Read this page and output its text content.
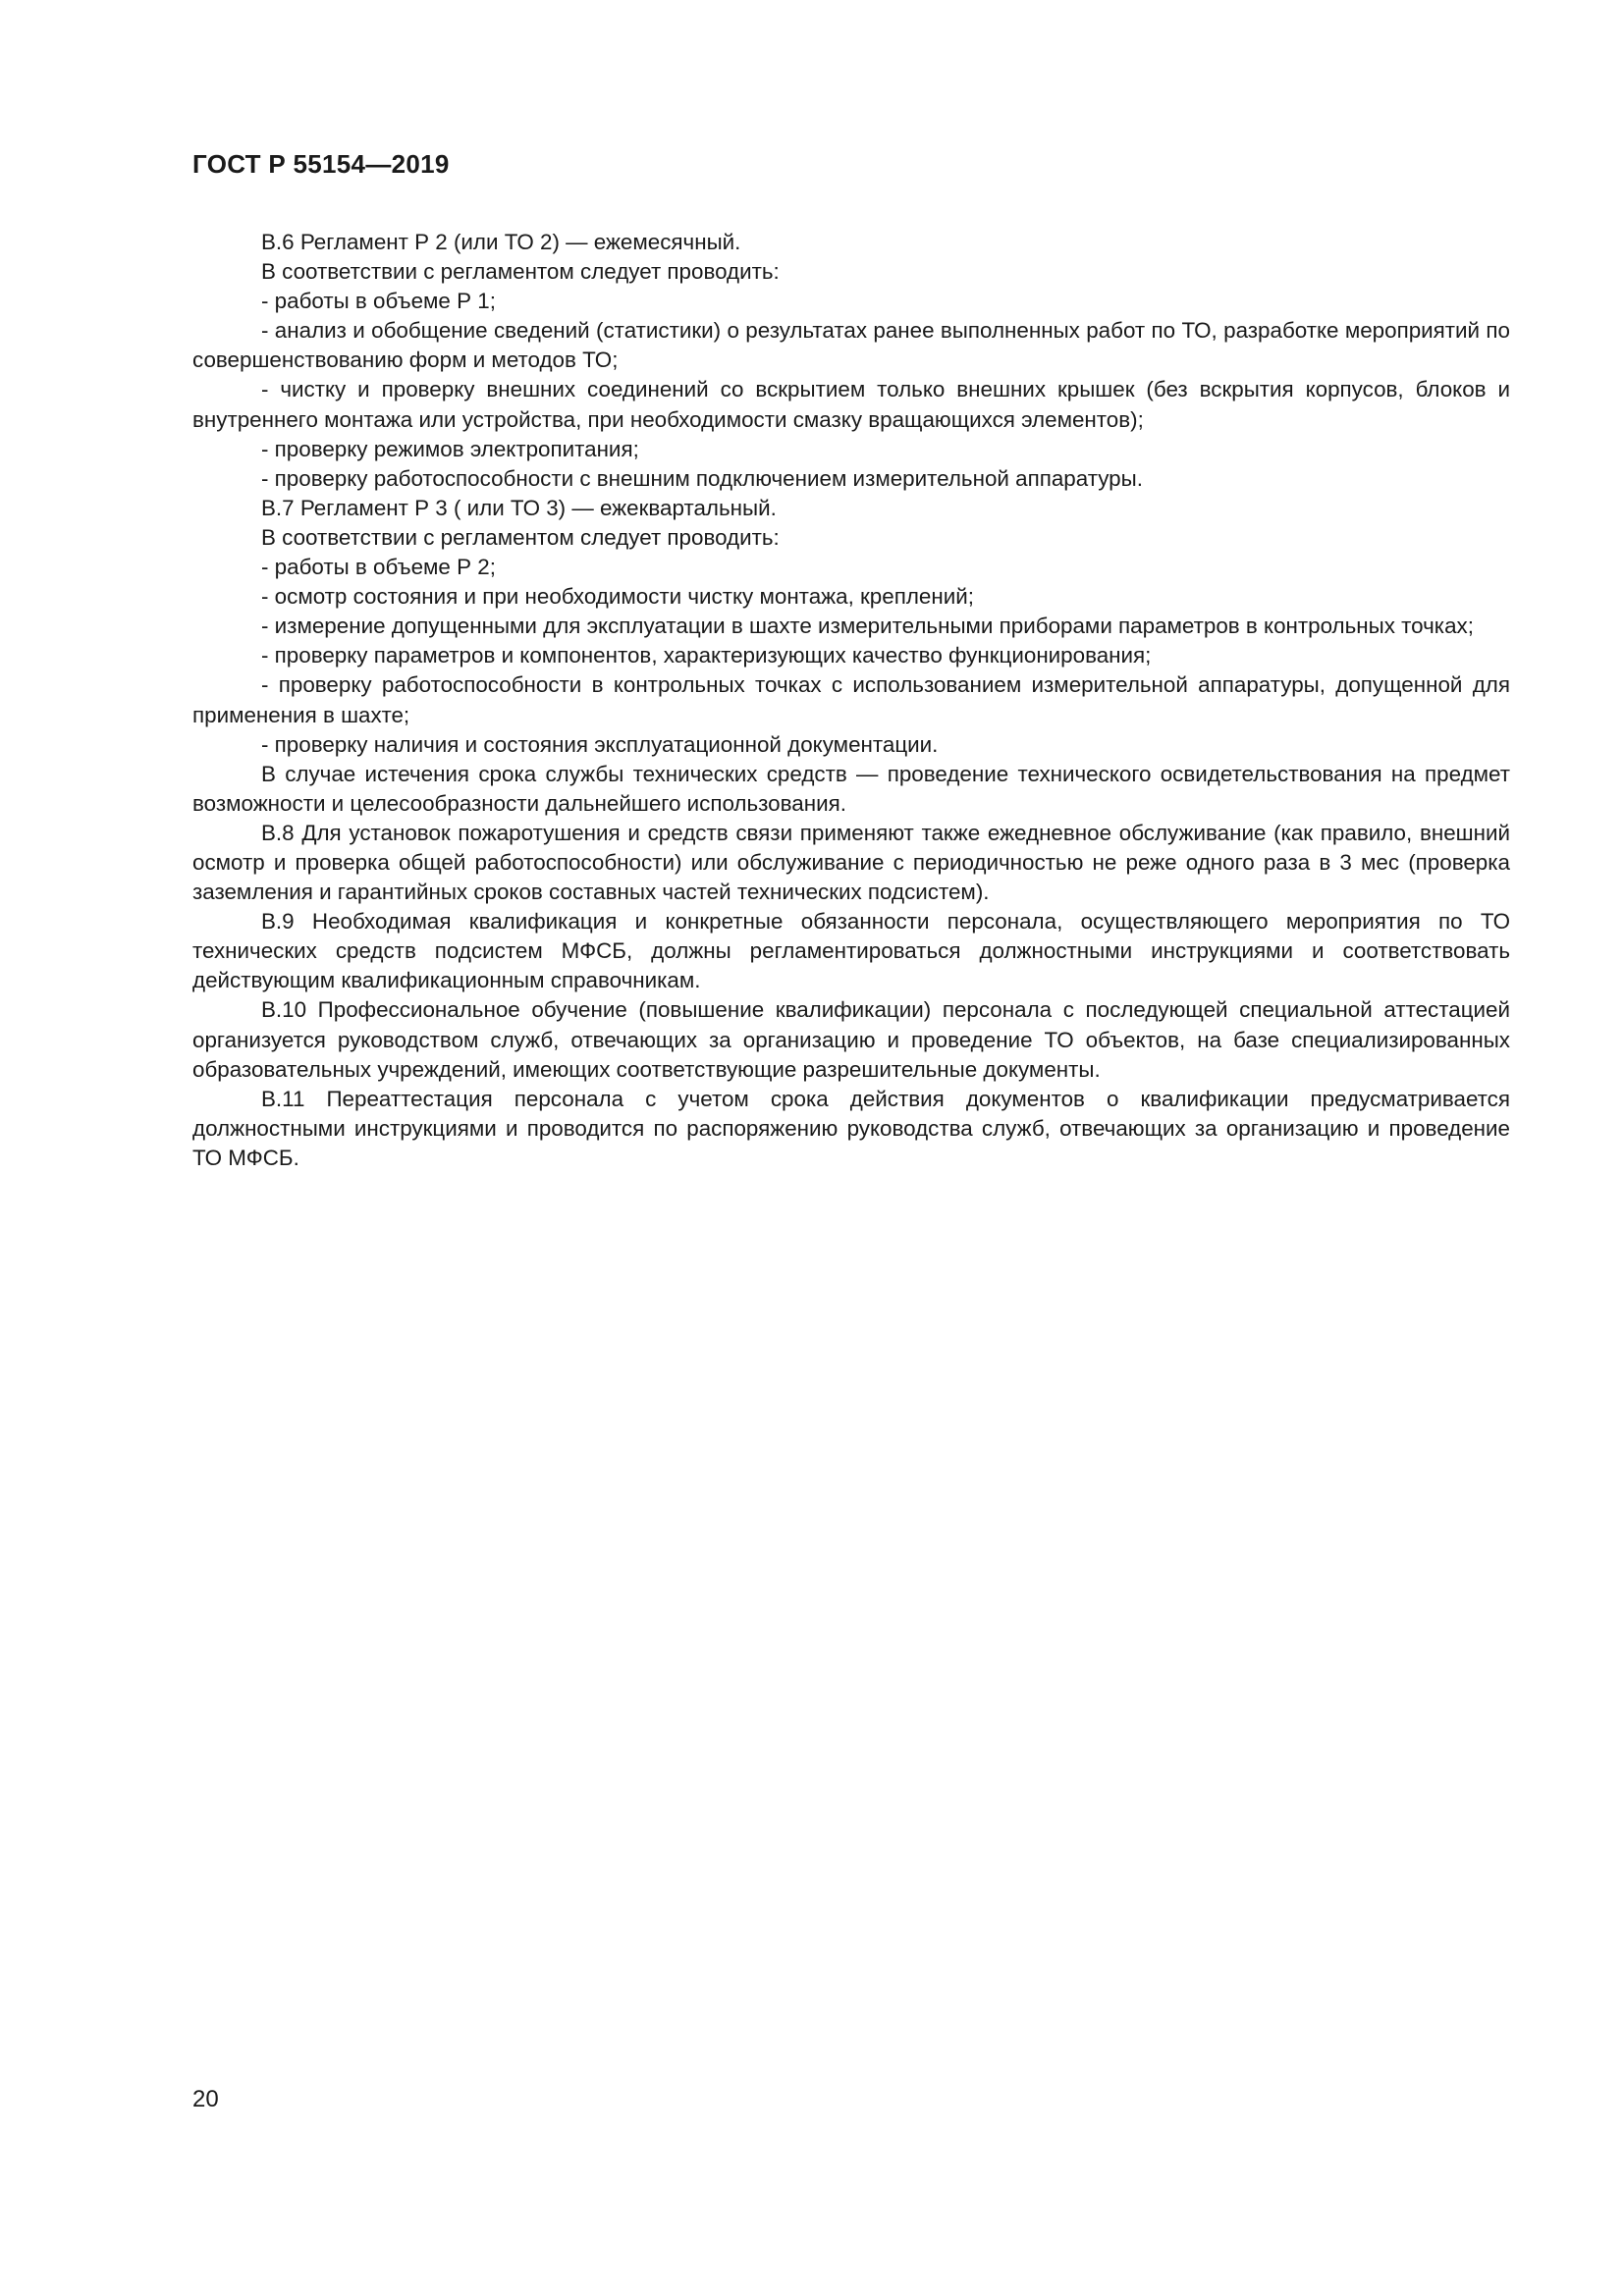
ГОСТ Р 55154—2019

В.6 Регламент Р 2 (или ТО 2) — ежемесячный.

В соответствии с регламентом следует проводить:

- работы в объеме Р 1;

- анализ и обобщение сведений (статистики) о результатах ранее выполненных работ по ТО, разработке мероприятий по совершенствованию форм и методов ТО;

- чистку и проверку внешних соединений со вскрытием только внешних крышек (без вскрытия корпусов, блоков и внутреннего монтажа или устройства, при необходимости смазку вращающихся элементов);

- проверку режимов электропитания;

- проверку работоспособности с внешним подключением измерительной аппаратуры.

В.7 Регламент Р 3 ( или ТО 3) — ежеквартальный.

В соответствии с регламентом следует проводить:

- работы в объеме Р 2;

- осмотр состояния и при необходимости чистку монтажа, креплений;

- измерение допущенными для эксплуатации в шахте измерительными приборами параметров в контрольных точках;

- проверку параметров и компонентов, характеризующих качество функционирования;

- проверку работоспособности в контрольных точках с использованием измерительной аппаратуры, допущенной для применения в шахте;

- проверку наличия и состояния эксплуатационной документации.

В случае истечения срока службы технических средств — проведение технического освидетельствования на предмет возможности и целесообразности дальнейшего использования.

В.8 Для установок пожаротушения и средств связи применяют также ежедневное обслуживание (как правило, внешний осмотр и проверка общей работоспособности) или обслуживание с периодичностью не реже одного раза в 3 мес (проверка заземления и гарантийных сроков составных частей технических подсистем).

В.9 Необходимая квалификация и конкретные обязанности персонала, осуществляющего мероприятия по ТО технических средств подсистем МФСБ, должны регламентироваться должностными инструкциями и соответствовать действующим квалификационным справочникам.

В.10 Профессиональное обучение (повышение квалификации) персонала с последующей специальной аттестацией организуется руководством служб, отвечающих за организацию и проведение ТО объектов, на базе специализированных образовательных учреждений, имеющих соответствующие разрешительные документы.

В.11 Переаттестация персонала с учетом срока действия документов о квалификации предусматривается должностными инструкциями и проводится по распоряжению руководства служб, отвечающих за организацию и проведение ТО МФСБ.

20
